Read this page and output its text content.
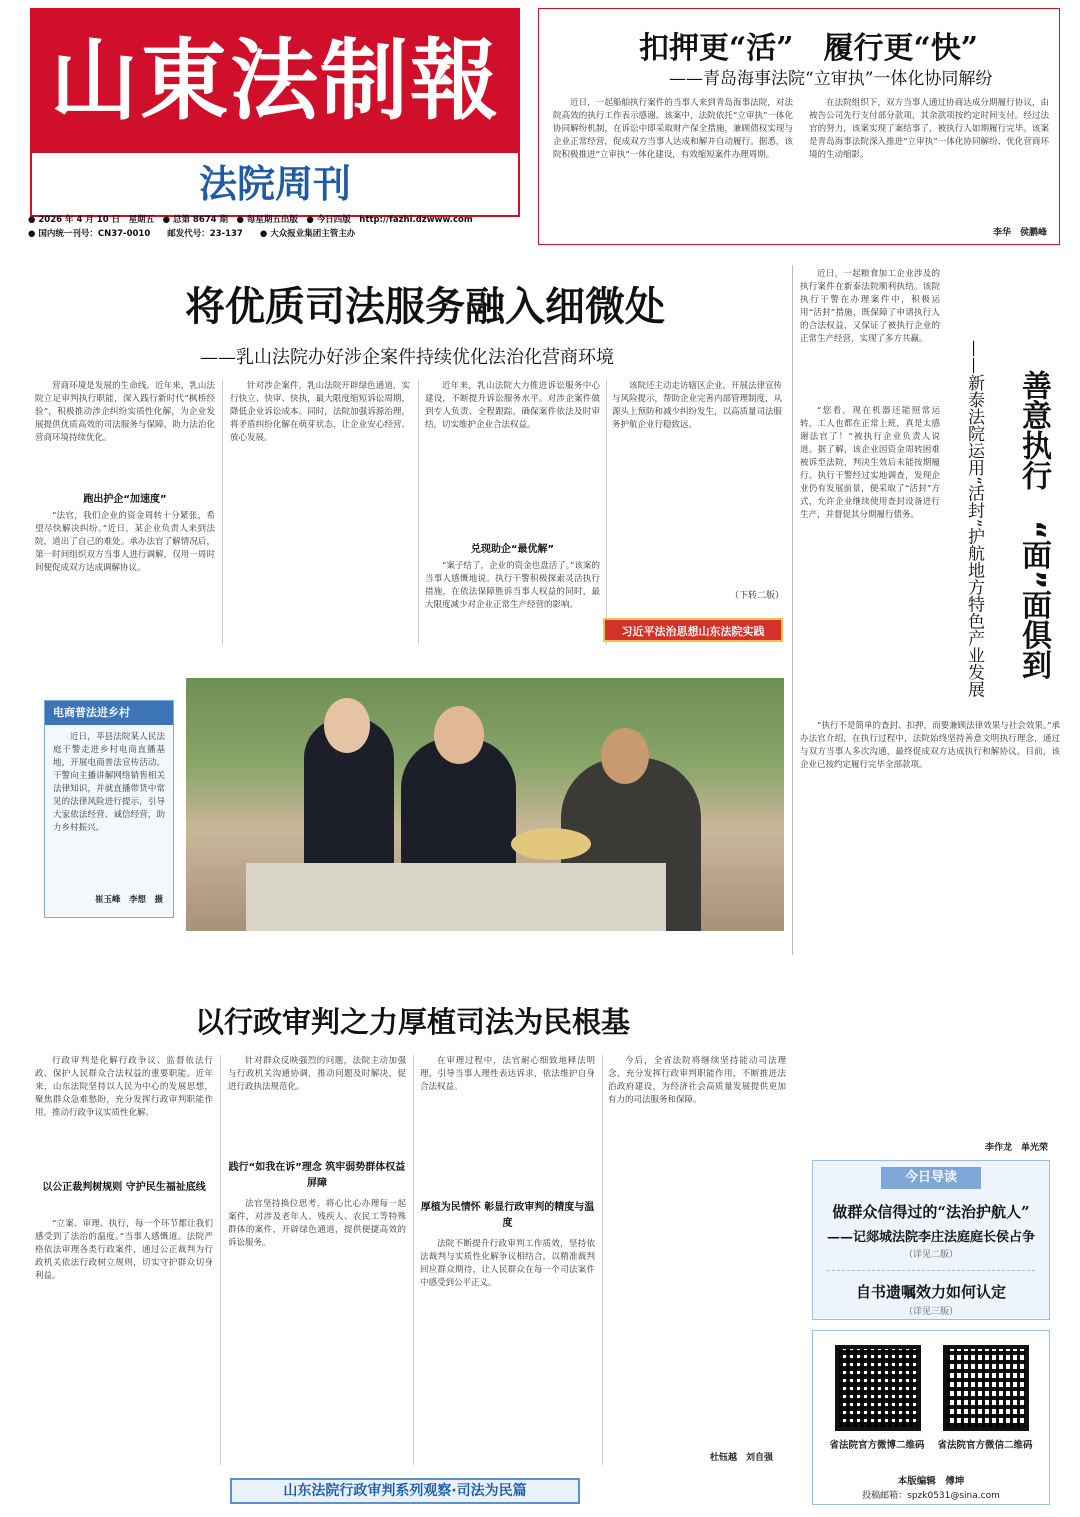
山東法制報
法院周刊
● 2026 年 4 月 10 日　星期五　● 总第 8674 期　● 每星期五出版　● 今日四版　http://fazhi.dzwww.com
● 国内统一刊号：CN37-0010　　邮发代号：23-137　　● 大众报业集团主管主办
扣押更“活”　履行更“快”
——青岛海事法院“立审执”一体化协同解纷
近日，一起船舶执行案件的当事人来到青岛海事法院，对法院高效的执行工作表示感谢。该案中，法院依托“立审执”一体化协同解纷机制，在诉讼中即采取财产保全措施，兼顾债权实现与企业正常经营，促成双方当事人达成和解并自动履行。据悉，该院积极推进“立审执”一体化建设，有效缩短案件办理周期。
在法院组织下，双方当事人通过协商达成分期履行协议，由被告公司先行支付部分款项，其余款项按约定时间支付。经过法官的努力，该案实现了案结事了，被执行人如期履行完毕。该案是青岛海事法院深入推进“立审执”一体化协同解纷、优化营商环境的生动缩影。
李华　侯鹏峰
将优质司法服务融入细微处
——乳山法院办好涉企案件持续优化法治化营商环境
营商环境是发展的生命线。近年来，乳山法院立足审判执行职能，深入践行新时代“枫桥经验”，积极推动涉企纠纷实质性化解，为企业发展提供优质高效的司法服务与保障，助力法治化营商环境持续优化。
跑出护企“加速度”
“法官，我们企业的资金周转十分紧张，希望尽快解决纠纷。”近日，某企业负责人来到法院，道出了自己的难处。承办法官了解情况后，第一时间组织双方当事人进行调解，仅用一周时间便促成双方达成调解协议。
针对涉企案件，乳山法院开辟绿色通道，实行快立、快审、快执，最大限度缩短诉讼周期，降低企业诉讼成本。同时，法院加强诉源治理，将矛盾纠纷化解在萌芽状态，让企业安心经营、放心发展。
近年来，乳山法院大力推进诉讼服务中心建设，不断提升诉讼服务水平。对涉企案件做到专人负责、全程跟踪，确保案件依法及时审结，切实维护企业合法权益。
兑现助企“最优解”
“案子结了，企业的资金也盘活了。”该案的当事人感慨地说。执行干警积极探索灵活执行措施，在依法保障胜诉当事人权益的同时，最大限度减少对企业正常生产经营的影响。
该院还主动走访辖区企业，开展法律宣传与风险提示，帮助企业完善内部管理制度，从源头上预防和减少纠纷发生，以高质量司法服务护航企业行稳致远。
（下转二版）
习近平法治思想山东法院实践
近日，一起粮食加工企业涉及的执行案件在新泰法院顺利执结。该院执行干警在办理案件中，积极运用“活封”措施，既保障了申请执行人的合法权益，又保证了被执行企业的正常生产经营，实现了多方共赢。
“您看，现在机器还能照常运转，工人也都在正常上班，真是太感谢法官了！”被执行企业负责人说道。据了解，该企业因资金周转困难被诉至法院，判决生效后未能按期履行。执行干警经过实地调查，发现企业仍有发展前景，便采取了“活封”方式，允许企业继续使用查封设备进行生产，并督促其分期履行债务。	善意执行　“面”面俱到
——新泰法院运用“活封”护航地方特色产业发展
“执行不是简单的查封、扣押，而要兼顾法律效果与社会效果。”承办法官介绍，在执行过程中，法院始终坚持善意文明执行理念，通过与双方当事人多次沟通，最终促成双方达成执行和解协议。目前，该企业已按约定履行完毕全部款项。
李作龙　单光荣
电商普法进乡村
近日，莘县法院某人民法庭干警走进乡村电商直播基地，开展电商普法宣传活动。干警向主播讲解网络销售相关法律知识，并就直播带货中常见的法律风险进行提示，引导大家依法经营、诚信经营，助力乡村振兴。
崔玉峰　李想　摄
以行政审判之力厚植司法为民根基
行政审判是化解行政争议、监督依法行政、保护人民群众合法权益的重要职能。近年来，山东法院坚持以人民为中心的发展思想，聚焦群众急难愁盼，充分发挥行政审判职能作用，推动行政争议实质性化解。
以公正裁判树规则 守护民生福祉底线
“立案、审理、执行，每一个环节都让我们感受到了法治的温度。”当事人感慨道。法院严格依法审理各类行政案件，通过公正裁判为行政机关依法行政树立规则，切实守护群众切身利益。
针对群众反映强烈的问题，法院主动加强与行政机关沟通协调，推动问题及时解决，促进行政执法规范化。
践行“如我在诉”理念 筑牢弱势群体权益屏障
法官坚持换位思考，将心比心办理每一起案件，对涉及老年人、残疾人、农民工等特殊群体的案件，开辟绿色通道，提供便捷高效的诉讼服务。
在审理过程中，法官耐心细致地释法明理，引导当事人理性表达诉求，依法维护自身合法权益。
厚植为民情怀 彰显行政审判的精度与温度
法院不断提升行政审判工作质效，坚持依法裁判与实质性化解争议相结合，以精准裁判回应群众期待，让人民群众在每一个司法案件中感受到公平正义。
今后，全省法院将继续坚持能动司法理念，充分发挥行政审判职能作用，不断推进法治政府建设，为经济社会高质量发展提供更加有力的司法服务和保障。
杜钰越　刘自强
山东法院行政审判系列观察·司法为民篇
今日导读
做群众信得过的“法治护航人”
——记郯城法院李庄法庭庭长侯占争
（详见二版）
自书遗嘱效力如何认定
（详见三版）
省法院官方微博二维码 省法院官方微信二维码
本版编辑　傅坤
投稿邮箱：spzk0531@sina.com
